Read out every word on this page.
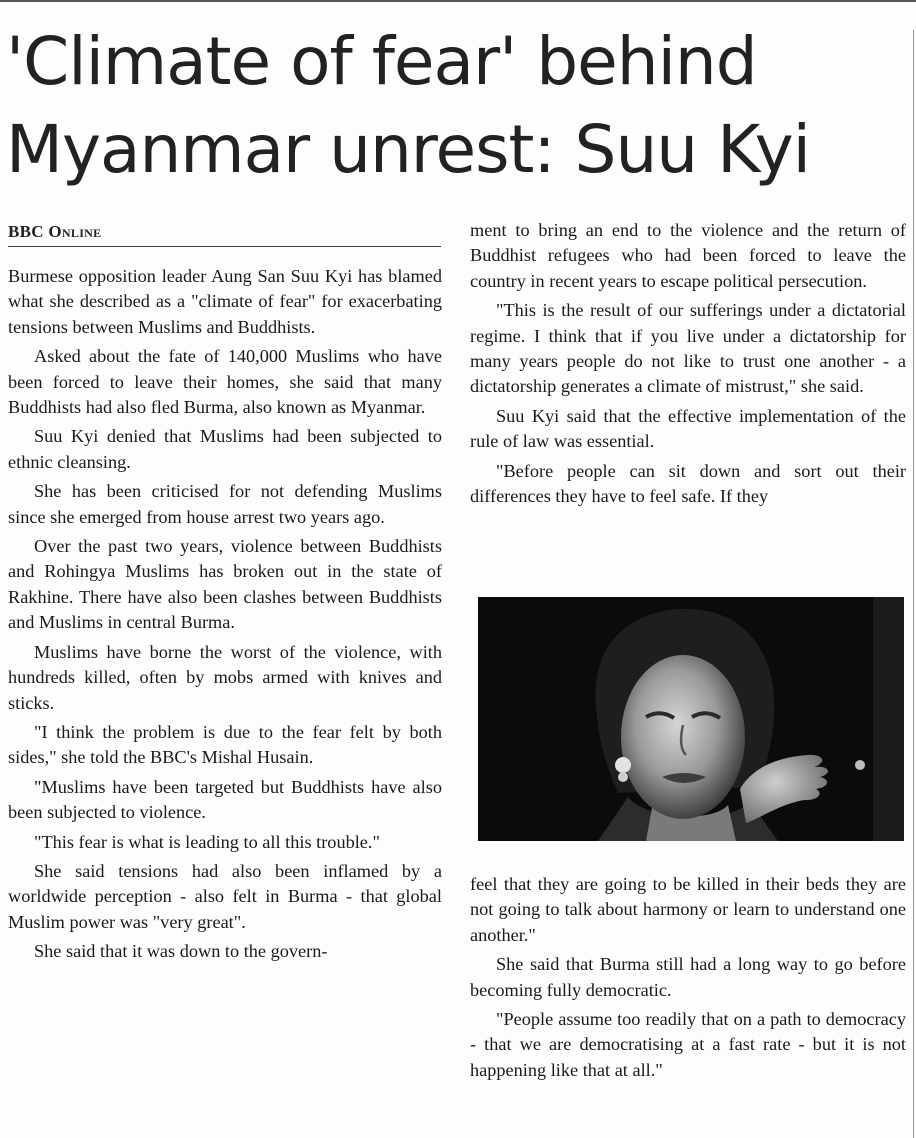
'Climate of fear' behind
Myanmar unrest: Suu Kyi
BBC Online

Burmese opposition leader Aung San Suu Kyi has blamed what she described as a "climate of fear" for exacerbating tensions between Muslims and Buddhists.

Asked about the fate of 140,000 Muslims who have been forced to leave their homes, she said that many Buddhists had also fled Burma, also known as Myanmar.

Suu Kyi denied that Muslims had been subjected to ethnic cleansing.

She has been criticised for not defending Muslims since she emerged from house arrest two years ago.

Over the past two years, violence between Buddhists and Rohingya Muslims has broken out in the state of Rakhine. There have also been clashes between Buddhists and Muslims in central Burma.

Muslims have borne the worst of the violence, with hundreds killed, often by mobs armed with knives and sticks.

"I think the problem is due to the fear felt by both sides," she told the BBC's Mishal Husain.

"Muslims have been targeted but Buddhists have also been subjected to violence.

"This fear is what is leading to all this trouble."

She said tensions had also been inflamed by a worldwide perception - also felt in Burma - that global Muslim power was "very great".

She said that it was down to the govern-

ment to bring an end to the violence and the return of Buddhist refugees who had been forced to leave the country in recent years to escape political persecution.

"This is the result of our sufferings under a dictatorial regime. I think that if you live under a dictatorship for many years people do not like to trust one another - a dictatorship generates a climate of mistrust," she said.

Suu Kyi said that the effective implementation of the rule of law was essential.

"Before people can sit down and sort out their differences they have to feel safe. If they

feel that they are going to be killed in their beds they are not going to talk about harmony or learn to understand one another."

She said that Burma still had a long way to go before becoming fully democratic.

"People assume too readily that on a path to democracy - that we are democratising at a fast rate - but it is not happening like that at all."
